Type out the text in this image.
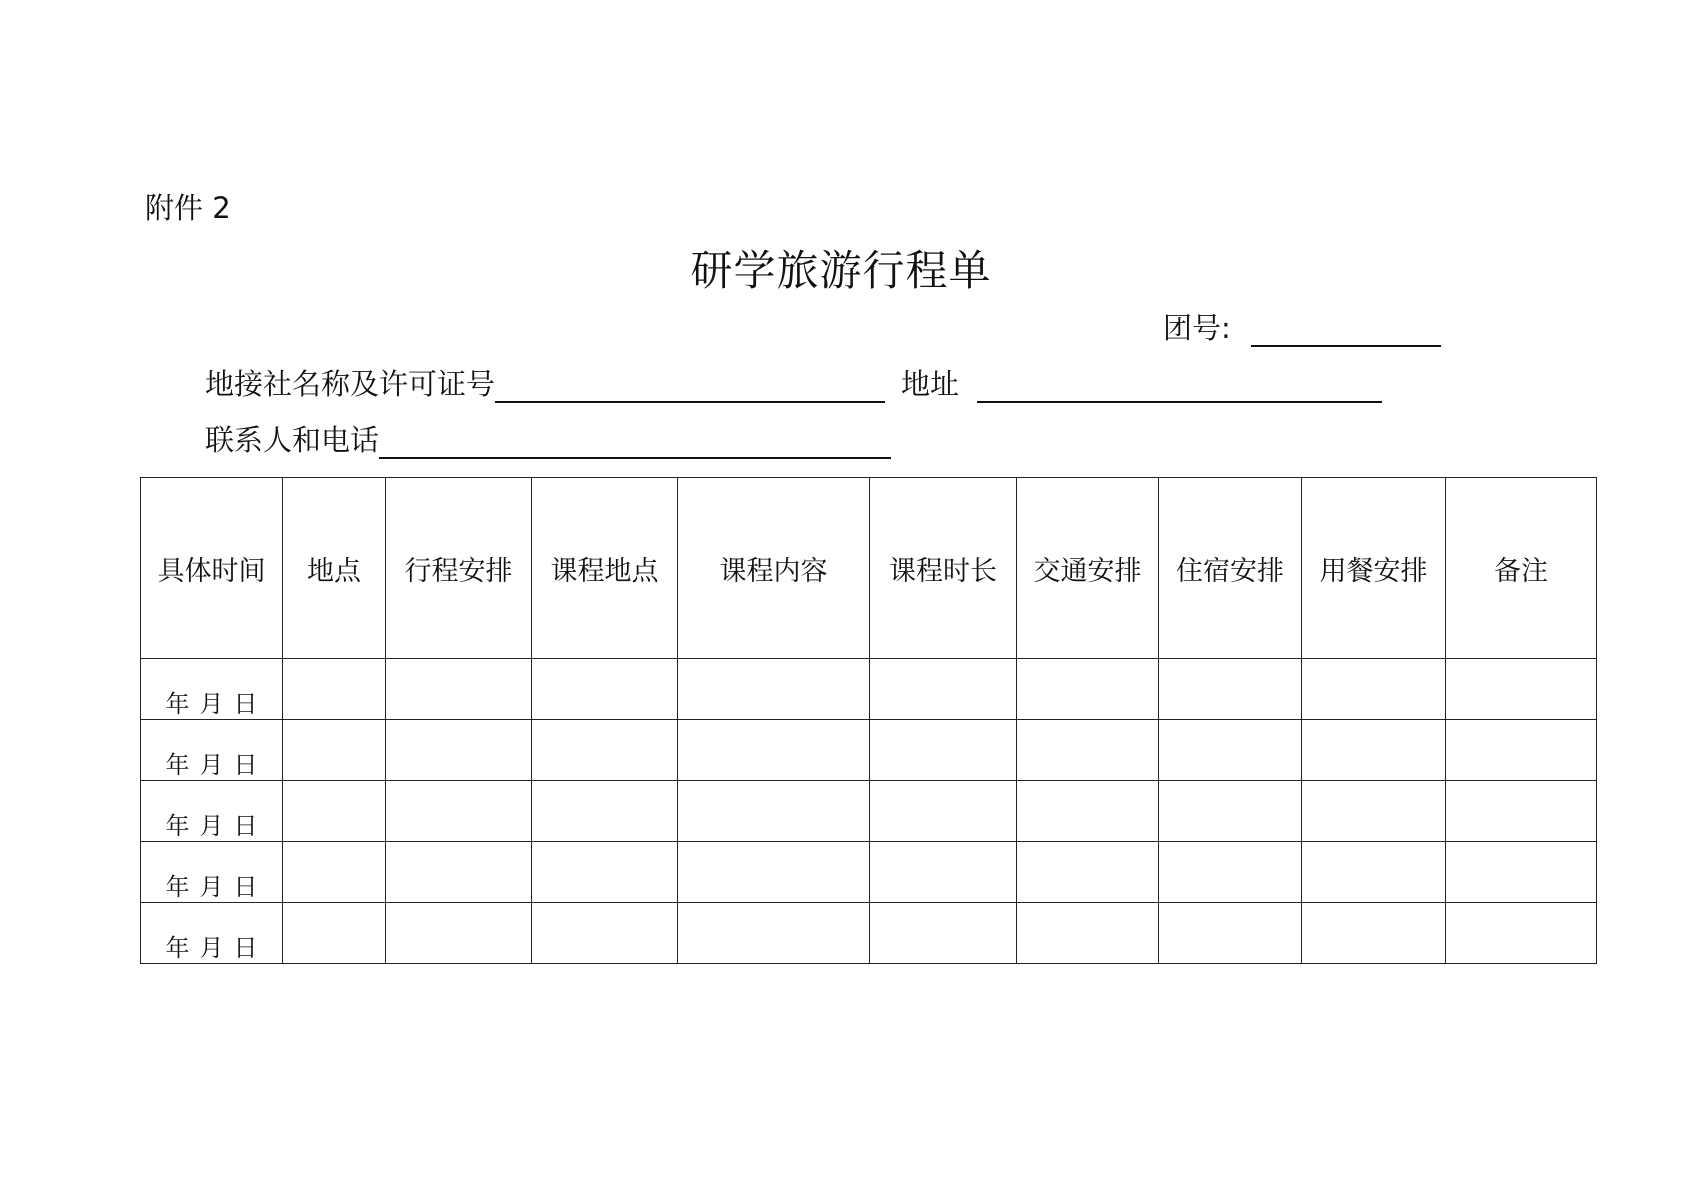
附件 2
研学旅游行程单
团号:
地接社名称及许可证号	地址
联系人和电话
具体时间	地点	行程安排	课程地点	课程内容	课程时长	交通安排	住宿安排	用餐安排	备注
年 月 日									
年 月 日									
年 月 日									
年 月 日									
年 月 日									
